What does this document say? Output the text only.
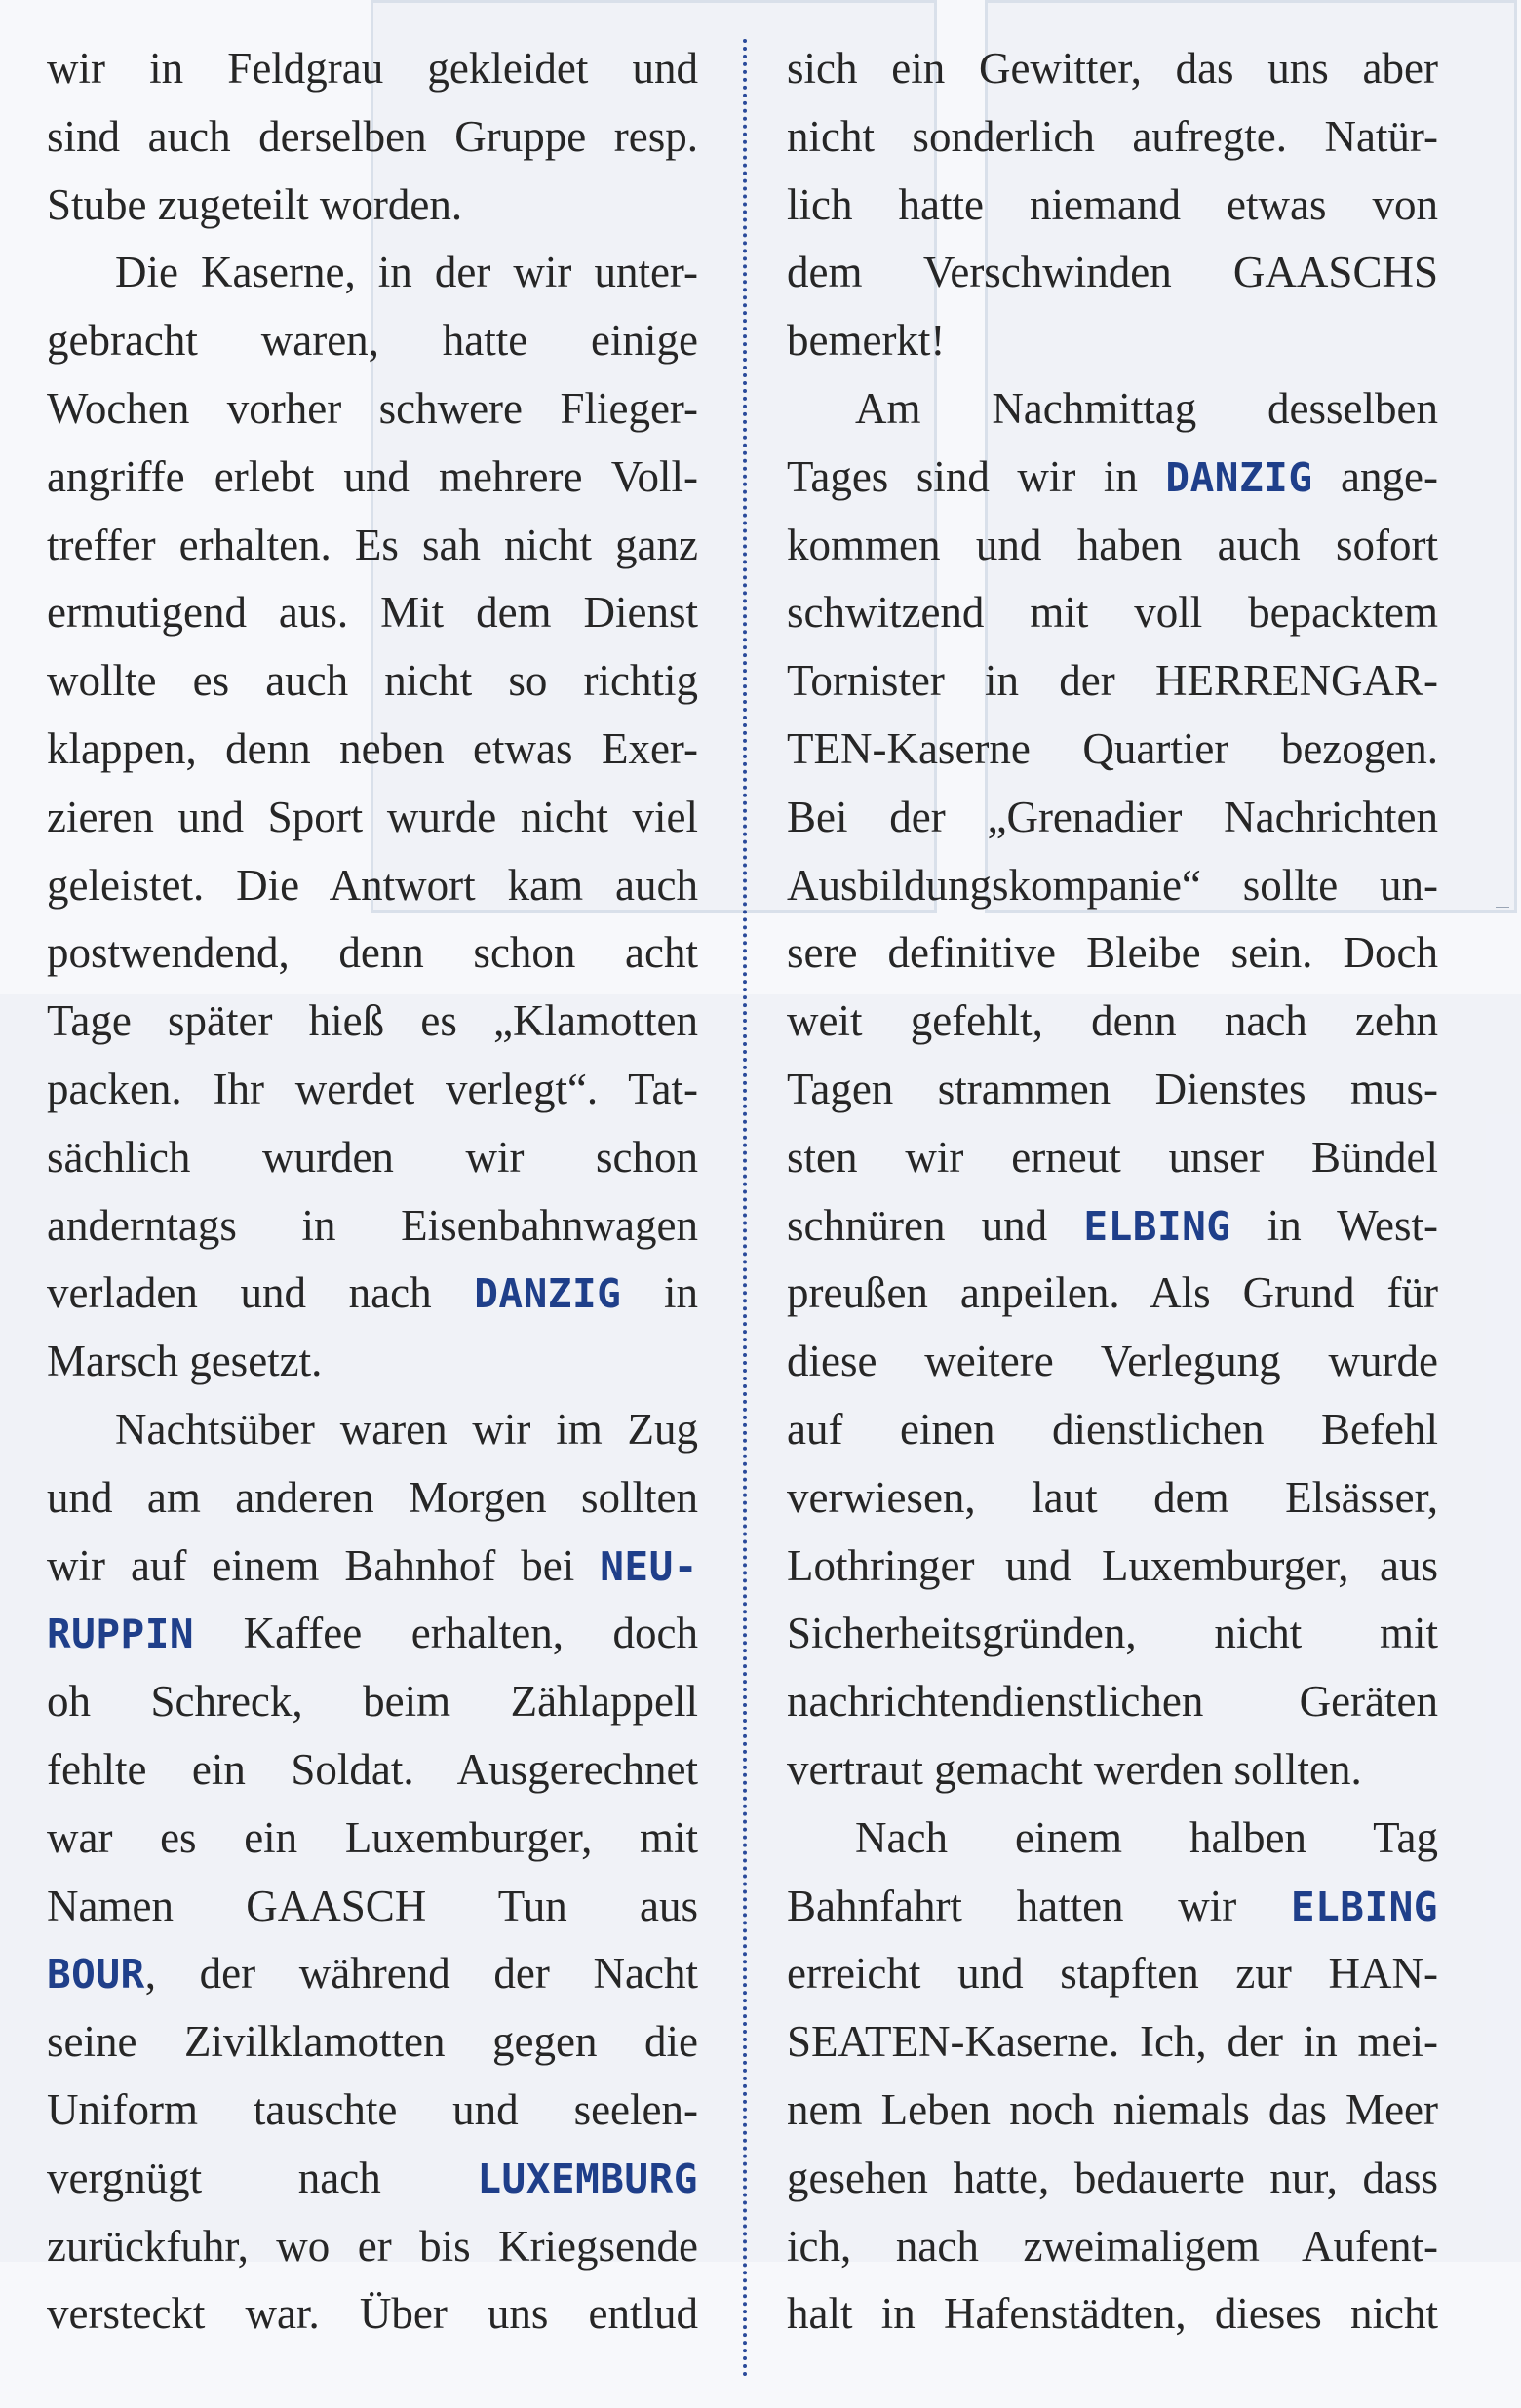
wir in Feldgrau gekleidet und
sind auch derselben Gruppe resp.
Stube zugeteilt worden.
Die Kaserne, in der wir unter-
gebracht waren, hatte einige
Wochen vorher schwere Flieger-
angriffe erlebt und mehrere Voll-
treffer erhalten. Es sah nicht ganz
ermutigend aus. Mit dem Dienst
wollte es auch nicht so richtig
klappen, denn neben etwas Exer-
zieren und Sport wurde nicht viel
geleistet. Die Antwort kam auch
postwendend, denn schon acht
Tage später hieß es „Klamotten
packen. Ihr werdet verlegt“. Tat-
sächlich wurden wir schon
anderntags in Eisenbahnwagen
verladen und nach DANZIG in
Marsch gesetzt.
Nachtsüber waren wir im Zug
und am anderen Morgen sollten
wir auf einem Bahnhof bei NEU-
RUPPIN Kaffee erhalten, doch
oh Schreck, beim Zählappell
fehlte ein Soldat. Ausgerechnet
war es ein Luxemburger, mit
Namen GAASCH Tun aus
BOUR, der während der Nacht
seine Zivilklamotten gegen die
Uniform tauschte und seelen-
vergnügt nach LUXEMBURG
zurückfuhr, wo er bis Kriegsende
versteckt war. Über uns entlud
sich ein Gewitter, das uns aber
nicht sonderlich aufregte. Natür-
lich hatte niemand etwas von
dem Verschwinden GAASCHS
bemerkt!
Am Nachmittag desselben
Tages sind wir in DANZIG ange-
kommen und haben auch sofort
schwitzend mit voll bepacktem
Tornister in der HERRENGAR-
TEN-Kaserne Quartier bezogen.
Bei der „Grenadier Nachrichten
Ausbildungskompanie“ sollte un-
sere definitive Bleibe sein. Doch
weit gefehlt, denn nach zehn
Tagen strammen Dienstes mus-
sten wir erneut unser Bündel
schnüren und ELBING in West-
preußen anpeilen. Als Grund für
diese weitere Verlegung wurde
auf einen dienstlichen Befehl
verwiesen, laut dem Elsässer,
Lothringer und Luxemburger, aus
Sicherheitsgründen, nicht mit
nachrichtendienstlichen Geräten
vertraut gemacht werden sollten.
Nach einem halben Tag
Bahnfahrt hatten wir ELBING
erreicht und stapften zur HAN-
SEATEN-Kaserne. Ich, der in mei-
nem Leben noch niemals das Meer
gesehen hatte, bedauerte nur, dass
ich, nach zweimaligem Aufent-
halt in Hafenstädten, dieses nicht
